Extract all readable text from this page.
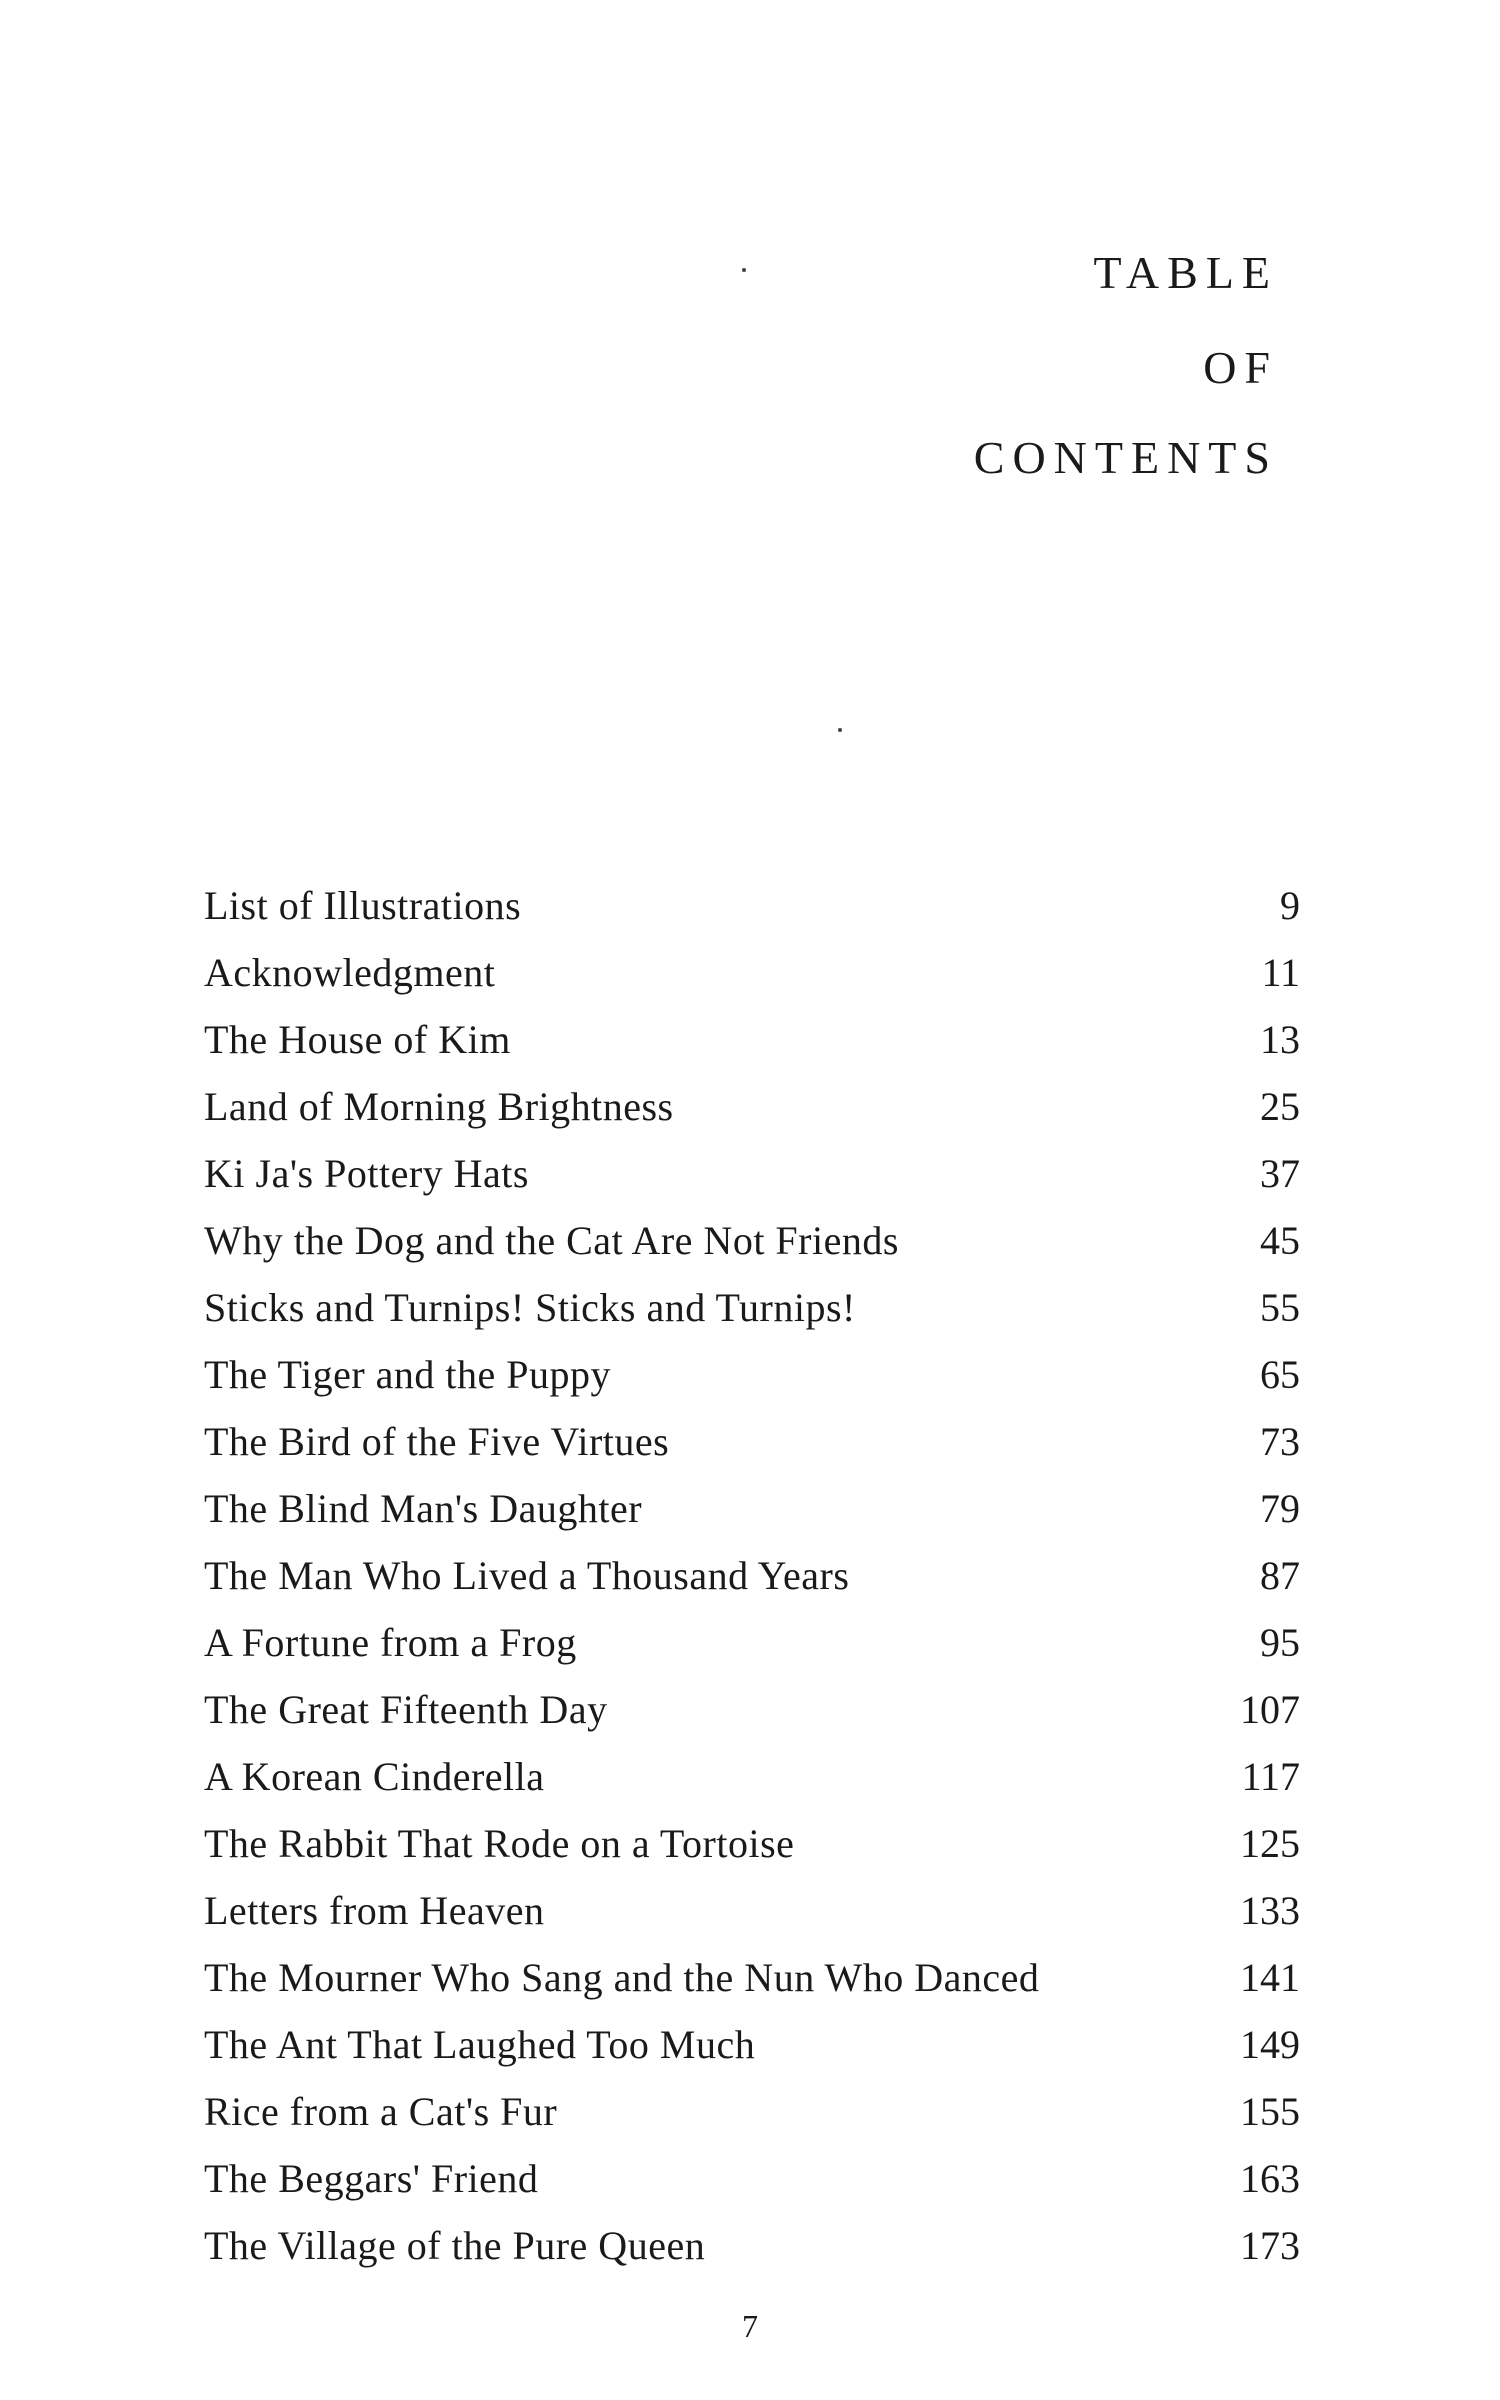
TABLE
OF
CONTENTS
List of Illustrations	9
Acknowledgment	11
The House of Kim	13
Land of Morning Brightness	25
Ki Ja's Pottery Hats	37
Why the Dog and the Cat Are Not Friends	45
Sticks and Turnips! Sticks and Turnips!	55
The Tiger and the Puppy	65
The Bird of the Five Virtues	73
The Blind Man's Daughter	79
The Man Who Lived a Thousand Years	87
A Fortune from a Frog	95
The Great Fifteenth Day	107
A Korean Cinderella	117
The Rabbit That Rode on a Tortoise	125
Letters from Heaven	133
The Mourner Who Sang and the Nun Who Danced	141
The Ant That Laughed Too Much	149
Rice from a Cat's Fur	155
The Beggars' Friend	163
The Village of the Pure Queen	173
7
